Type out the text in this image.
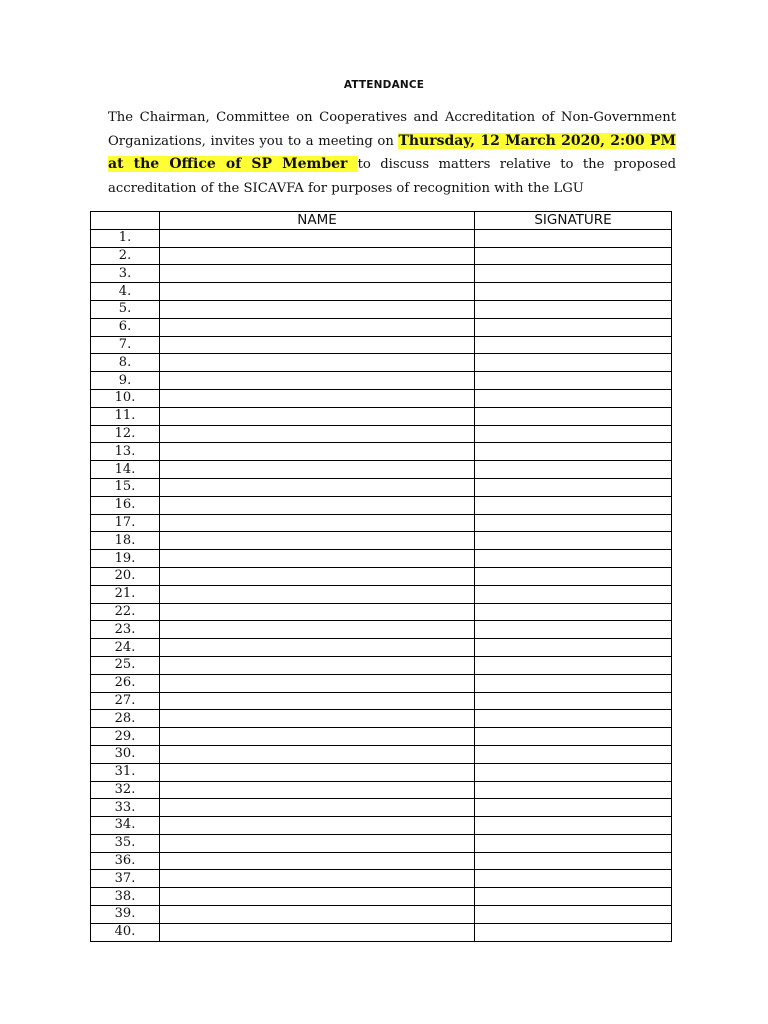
ATTENDANCE

The Chairman, Committee on Cooperatives and Accreditation of Non-Government Organizations, invites you to a meeting on Thursday, 12 March 2020, 2:00 PM at the Office of SP Member to discuss matters relative to the proposed accreditation of the SICAVFA for purposes of recognition with the LGU

	NAME	SIGNATURE
1.		
2.		
3.		
4.		
5.		
6.		
7.		
8.		
9.		
10.		
11.		
12.		
13.		
14.		
15.		
16.		
17.		
18.		
19.		
20.		
21.		
22.		
23.		
24.		
25.		
26.		
27.		
28.		
29.		
30.		
31.		
32.		
33.		
34.		
35.		
36.		
37.		
38.		
39.		
40.		
